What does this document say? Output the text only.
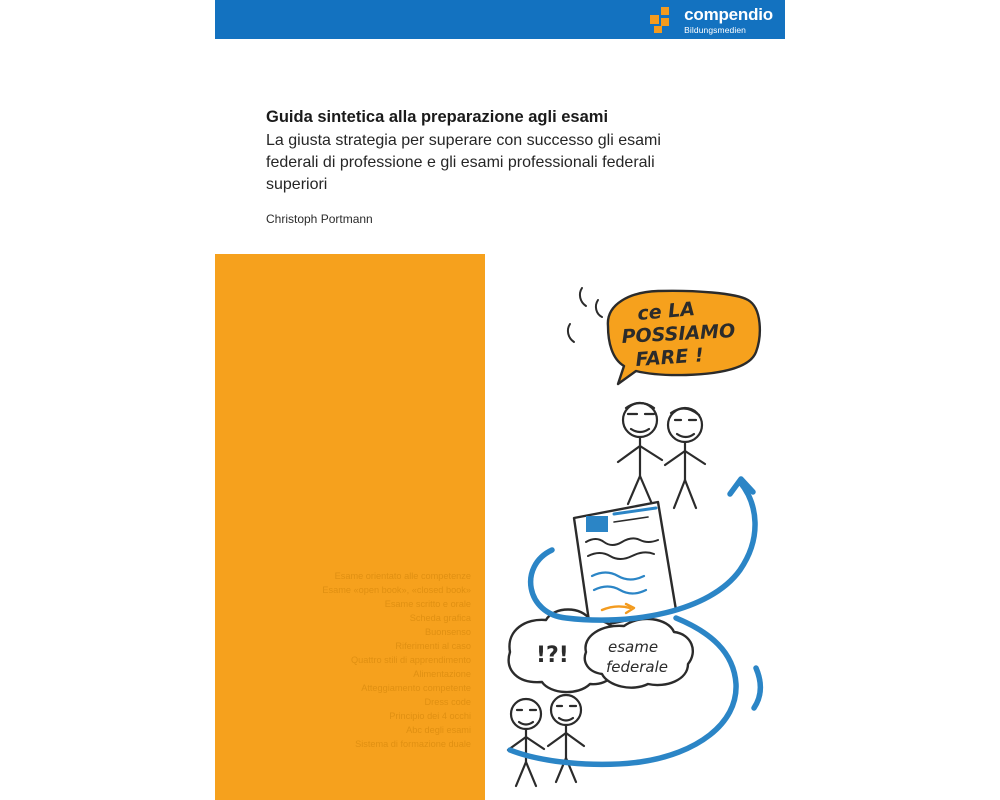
compendio
Bildungsmedien
Guida sintetica alla preparazione agli esami
La giusta strategia per superare con successo gli esami federali di professione e gli esami professionali federali superiori
Christoph Portmann
Esame orientato alle competenze
Esame «open book», «closed book»
Esame scritto e orale
Scheda grafica
Buonsenso
Riferimenti al caso
Quattro stili di apprendimento
Alimentazione
Atteggiamento competente
Dress code
Principio dei 4 occhi
Abc degli esami
Sistema di formazione duale
ce LA
POSSIAMO
FARE !
!?!	esame
federale
